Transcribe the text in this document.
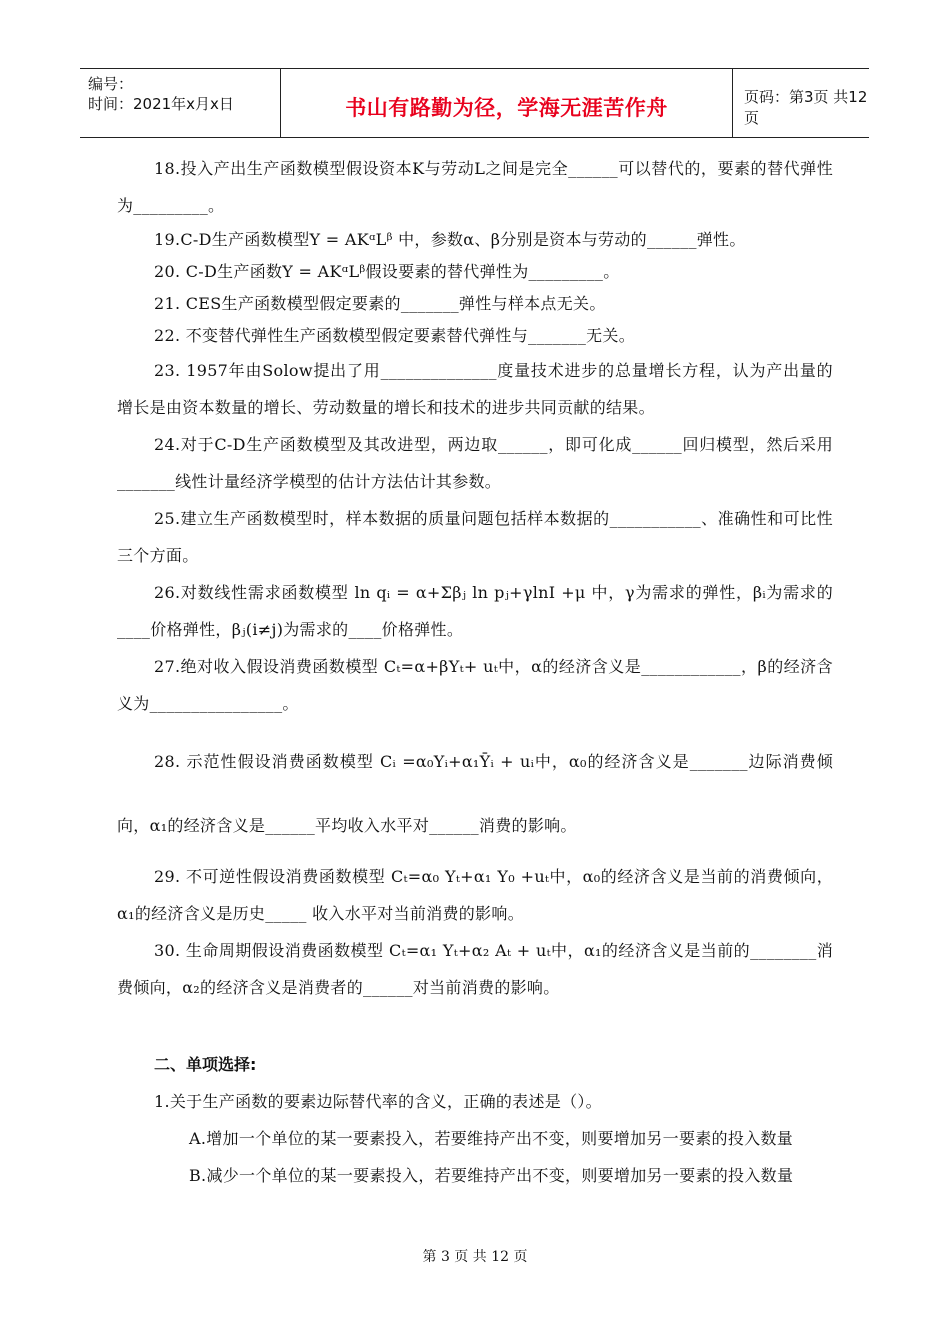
编号：
时间：2021年x月x日	书山有路勤为径，学海无涯苦作舟	页码：第3页 共12页

18.投入产出生产函数模型假设资本K与劳动L之间是完全______可以替代的，要素的替代弹性为_________。

19.C-D生产函数模型Y = AKᵅLᵝ 中，参数α、β分别是资本与劳动的______弹性。

20. C-D生产函数Y = AKᵅLᵝ假设要素的替代弹性为_________。

21. CES生产函数模型假定要素的_______弹性与样本点无关。

22. 不变替代弹性生产函数模型假定要素替代弹性与_______无关。

23. 1957年由Solow提出了用______________度量技术进步的总量增长方程，认为产出量的增长是由资本数量的增长、劳动数量的增长和技术的进步共同贡献的结果。

24.对于C-D生产函数模型及其改进型，两边取______，即可化成______回归模型，然后采用_______线性计量经济学模型的估计方法估计其参数。

25.建立生产函数模型时，样本数据的质量问题包括样本数据的___________、准确性和可比性三个方面。

26.对数线性需求函数模型 ln qᵢ = α+Σβⱼ ln pⱼ+γlnI +μ 中，γ为需求的弹性，βᵢ为需求的____价格弹性，βⱼ(i≠j)为需求的____价格弹性。

27.绝对收入假设消费函数模型 Cₜ=α+βYₜ+ uₜ中，α的经济含义是____________，β的经济含义为________________。

28. 示范性假设消费函数模型 Cᵢ =α₀Yᵢ+α₁Ȳᵢ + uᵢ中，α₀的经济含义是_______边际消费倾向，α₁的经济含义是______平均收入水平对______消费的影响。

29. 不可逆性假设消费函数模型 Cₜ=α₀ Yₜ+α₁ Y₀ +uₜ中，α₀的经济含义是当前的消费倾向，α₁的经济含义是历史_____ 收入水平对当前消费的影响。

30. 生命周期假设消费函数模型 Cₜ=α₁ Yₜ+α₂ Aₜ + uₜ中，α₁的经济含义是当前的________消费倾向，α₂的经济含义是消费者的______对当前消费的影响。

二、单项选择:

1.关于生产函数的要素边际替代率的含义，正确的表述是（）。

A.增加一个单位的某一要素投入，若要维持产出不变，则要增加另一要素的投入数量

B.减少一个单位的某一要素投入，若要维持产出不变，则要增加另一要素的投入数量

第 3 页 共 12 页
